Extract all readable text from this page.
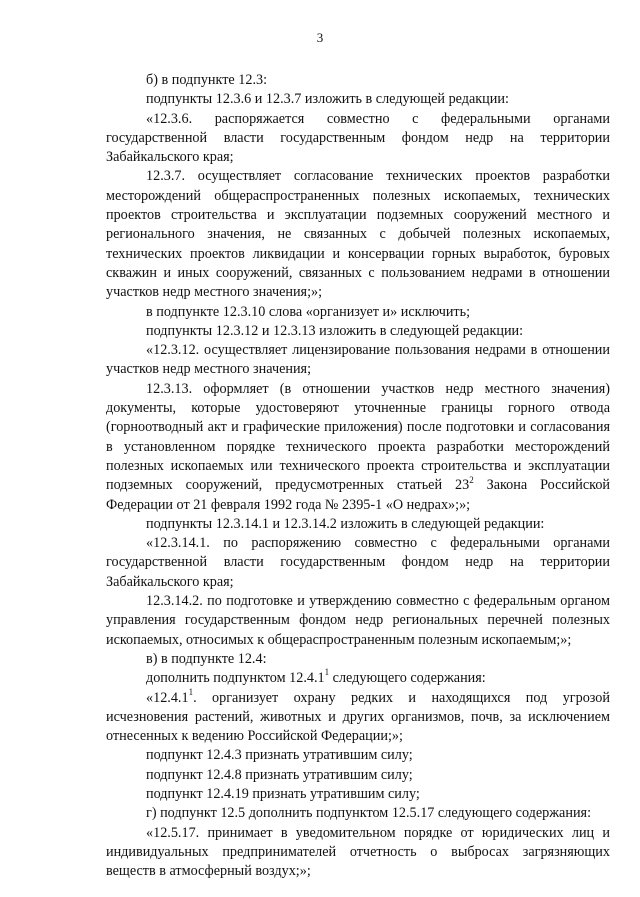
3

б) в подпункте 12.3:

подпункты 12.3.6 и 12.3.7 изложить в следующей редакции:

«12.3.6. распоряжается совместно с федеральными органами государственной власти государственным фондом недр на территории Забайкальского края;

12.3.7. осуществляет согласование технических проектов разработки месторождений общераспространенных полезных ископаемых, технических проектов строительства и эксплуатации подземных сооружений местного и регионального значения, не связанных с добычей полезных ископаемых, технических проектов ликвидации и консервации горных выработок, буровых скважин и иных сооружений, связанных с пользованием недрами в отношении участков недр местного значения;»;

в подпункте 12.3.10 слова «организует и» исключить;

подпункты 12.3.12 и 12.3.13 изложить в следующей редакции:

«12.3.12. осуществляет лицензирование пользования недрами в отношении участков недр местного значения;

12.3.13. оформляет (в отношении участков недр местного значения) документы, которые удостоверяют уточненные границы горного отвода (горноотводный акт и графические приложения) после подготовки и согласования в установленном порядке технического проекта разработки месторождений полезных ископаемых или технического проекта строительства и эксплуатации подземных сооружений, предусмотренных статьей $23^2$ Закона Российской Федерации от 21 февраля 1992 года № 2395-1 «О недрах»;»;

подпункты 12.3.14.1 и 12.3.14.2 изложить в следующей редакции:

«12.3.14.1. по распоряжению совместно с федеральными органами государственной власти государственным фондом недр на территории Забайкальского края;

12.3.14.2. по подготовке и утверждению совместно с федеральным органом управления государственным фондом недр региональных перечней полезных ископаемых, относимых к общераспространенным полезным ископаемым;»;

в) в подпункте 12.4:

дополнить подпунктом 12.4.1$^1$ следующего содержания:

«12.4.1$^1$. организует охрану редких и находящихся под угрозой исчезновения растений, животных и других организмов, почв, за исключением отнесенных к ведению Российской Федерации;»;

подпункт 12.4.3 признать утратившим силу;

подпункт 12.4.8 признать утратившим силу;

подпункт 12.4.19 признать утратившим силу;

г) подпункт 12.5 дополнить подпунктом 12.5.17 следующего содержания:

«12.5.17. принимает в уведомительном порядке от юридических лиц и индивидуальных предпринимателей отчетность о выбросах загрязняющих веществ в атмосферный воздух;»;
